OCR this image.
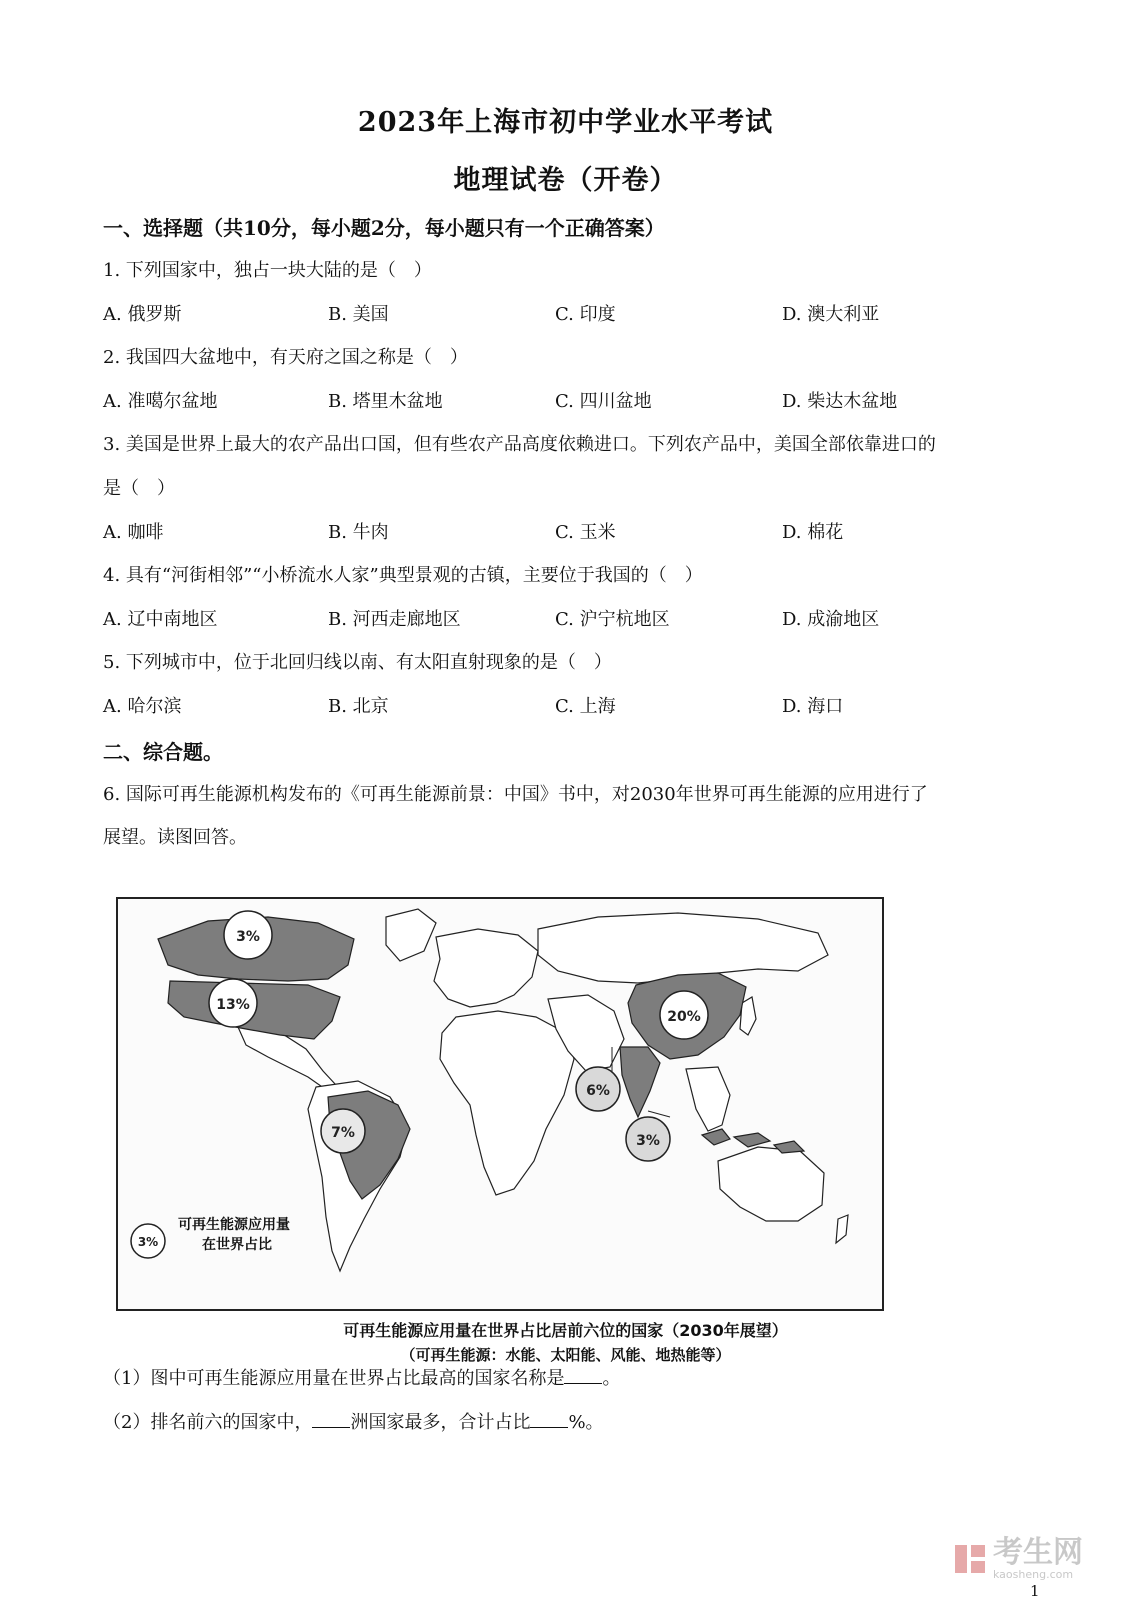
2023年上海市初中学业水平考试
地理试卷（开卷）
一、选择题（共10分，每小题2分，每小题只有一个正确答案）
1. 下列国家中，独占一块大陆的是（　）
A. 俄罗斯	B. 美国	C. 印度	D. 澳大利亚
2. 我国四大盆地中，有天府之国之称是（　）
A. 准噶尔盆地	B. 塔里木盆地	C. 四川盆地	D. 柴达木盆地
3. 美国是世界上最大的农产品出口国，但有些农产品高度依赖进口。下列农产品中，美国全部依靠进口的
是（　）
A. 咖啡	B. 牛肉	C. 玉米	D. 棉花
4. 具有“河街相邻”“小桥流水人家”典型景观的古镇，主要位于我国的（　）
A. 辽中南地区	B. 河西走廊地区	C. 沪宁杭地区	D. 成渝地区
5. 下列城市中，位于北回归线以南、有太阳直射现象的是（　）
A. 哈尔滨	B. 北京	C. 上海	D. 海口
二、综合题。
6. 国际可再生能源机构发布的《可再生能源前景：中国》书中，对2030年世界可再生能源的应用进行了
展望。读图回答。
3%
13%
7%
20%
6%
3%
3%
可再生能源应用量
在世界占比
可再生能源应用量在世界占比居前六位的国家（2030年展望）
（可再生能源：水能、太阳能、风能、地热能等）
（1）图中可再生能源应用量在世界占比最高的国家名称是 。
（2）排名前六的国家中， 洲国家最多，合计占比 %。
考生网
kaosheng.com
1
